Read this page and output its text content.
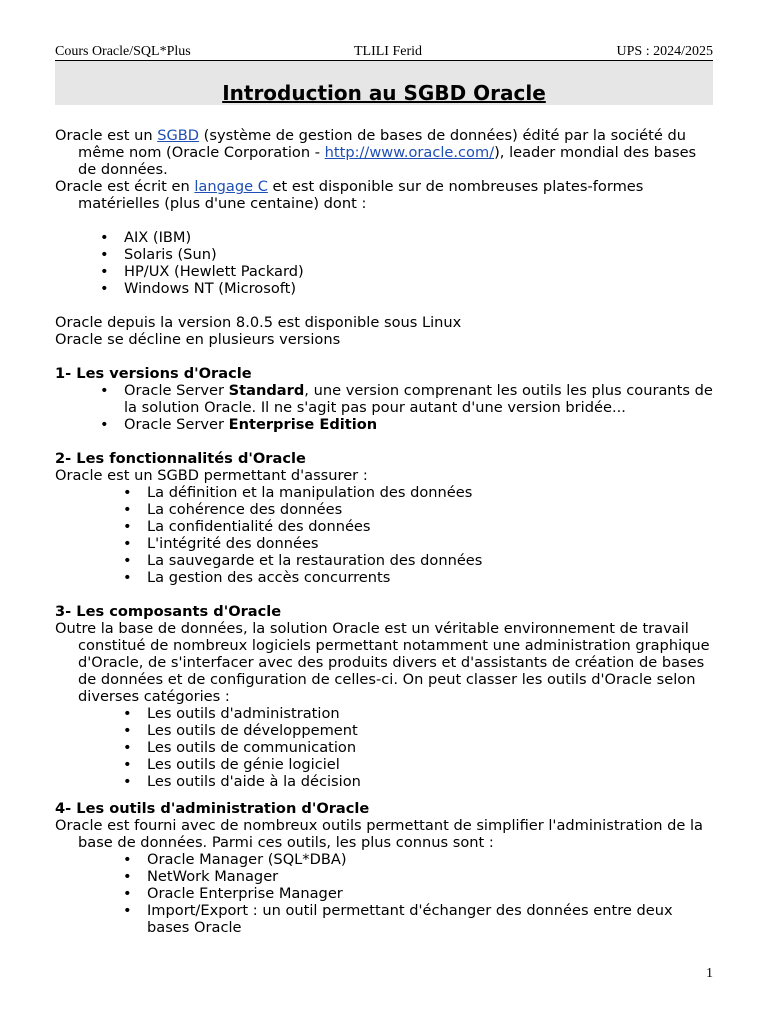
Cours Oracle/SQL*Plus	TLILI Ferid	UPS : 2024/2025
Introduction au SGBD Oracle

Oracle est un SGBD (système de gestion de bases de données) édité par la société du même nom (Oracle Corporation - http://www.oracle.com/), leader mondial des bases de données.

Oracle est écrit en langage C et est disponible sur de nombreuses plates-formes matérielles (plus d'une centaine) dont :

• AIX (IBM)
• Solaris (Sun)
• HP/UX (Hewlett Packard)
• Windows NT (Microsoft)

Oracle depuis la version 8.0.5 est disponible sous Linux

Oracle se décline en plusieurs versions

1- Les versions d'Oracle
• Oracle Server Standard, une version comprenant les outils les plus courants de la solution Oracle. Il ne s'agit pas pour autant d'une version bridée...
• Oracle Server Enterprise Edition
2- Les fonctionnalités d'Oracle

Oracle est un SGBD permettant d'assurer :

• La définition et la manipulation des données
• La cohérence des données
• La confidentialité des données
• L'intégrité des données
• La sauvegarde et la restauration des données
• La gestion des accès concurrents
3- Les composants d'Oracle

Outre la base de données, la solution Oracle est un véritable environnement de travail constitué de nombreux logiciels permettant notamment une administration graphique d'Oracle, de s'interfacer avec des produits divers et d'assistants de création de bases de données et de configuration de celles-ci. On peut classer les outils d'Oracle selon diverses catégories :

• Les outils d'administration
• Les outils de développement
• Les outils de communication
• Les outils de génie logiciel
• Les outils d'aide à la décision
4- Les outils d'administration d'Oracle

Oracle est fourni avec de nombreux outils permettant de simplifier l'administration de la base de données. Parmi ces outils, les plus connus sont :

• Oracle Manager (SQL*DBA)
• NetWork Manager
• Oracle Enterprise Manager
• Import/Export : un outil permettant d'échanger des données entre deux bases Oracle
1
